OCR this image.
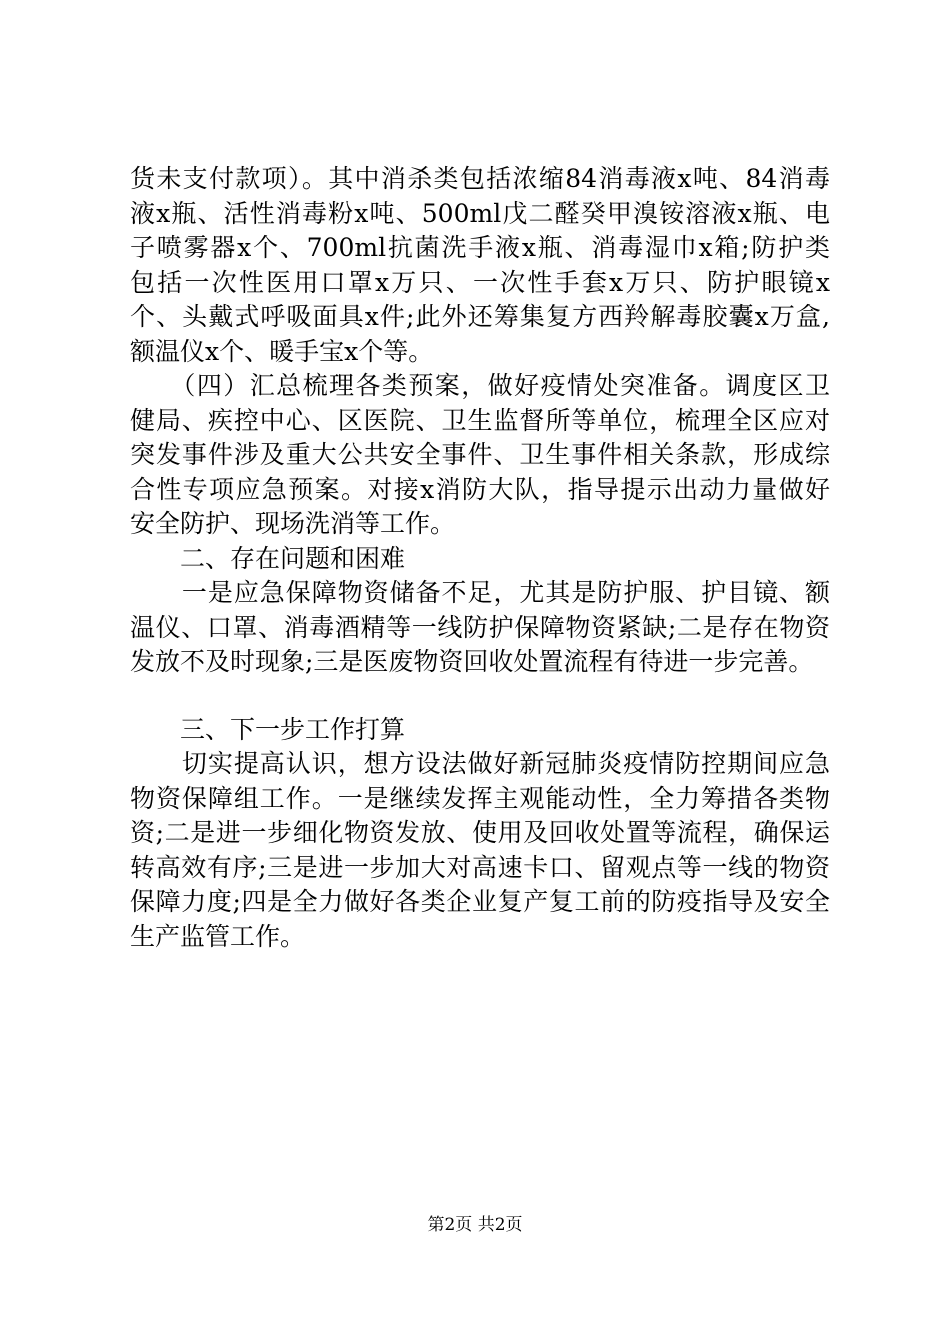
货未支付款项）。其中消杀类包括浓缩84消毒液x吨、84消毒
液x瓶、活性消毒粉x吨、500ml戊二醛癸甲溴铵溶液x瓶、电
子喷雾器x个、700ml抗菌洗手液x瓶、消毒湿巾x箱;防护类
包括一次性医用口罩x万只、一次性手套x万只、防护眼镜x
个、头戴式呼吸面具x件;此外还筹集复方西羚解毒胶囊x万盒,
额温仪x个、暖手宝x个等。
　　（四）汇总梳理各类预案，做好疫情处突准备。调度区卫
健局、疾控中心、区医院、卫生监督所等单位，梳理全区应对
突发事件涉及重大公共安全事件、卫生事件相关条款，形成综
合性专项应急预案。对接x消防大队，指导提示出动力量做好
安全防护、现场洗消等工作。
　　二、存在问题和困难
　　一是应急保障物资储备不足，尤其是防护服、护目镜、额
温仪、口罩、消毒酒精等一线防护保障物资紧缺;二是存在物资
发放不及时现象;三是医废物资回收处置流程有待进一步完善。
　　三、下一步工作打算
　　切实提高认识，想方设法做好新冠肺炎疫情防控期间应急
物资保障组工作。一是继续发挥主观能动性，全力筹措各类物
资;二是进一步细化物资发放、使用及回收处置等流程，确保运
转高效有序;三是进一步加大对高速卡口、留观点等一线的物资
保障力度;四是全力做好各类企业复产复工前的防疫指导及安全
生产监管工作。
第2页 共2页
